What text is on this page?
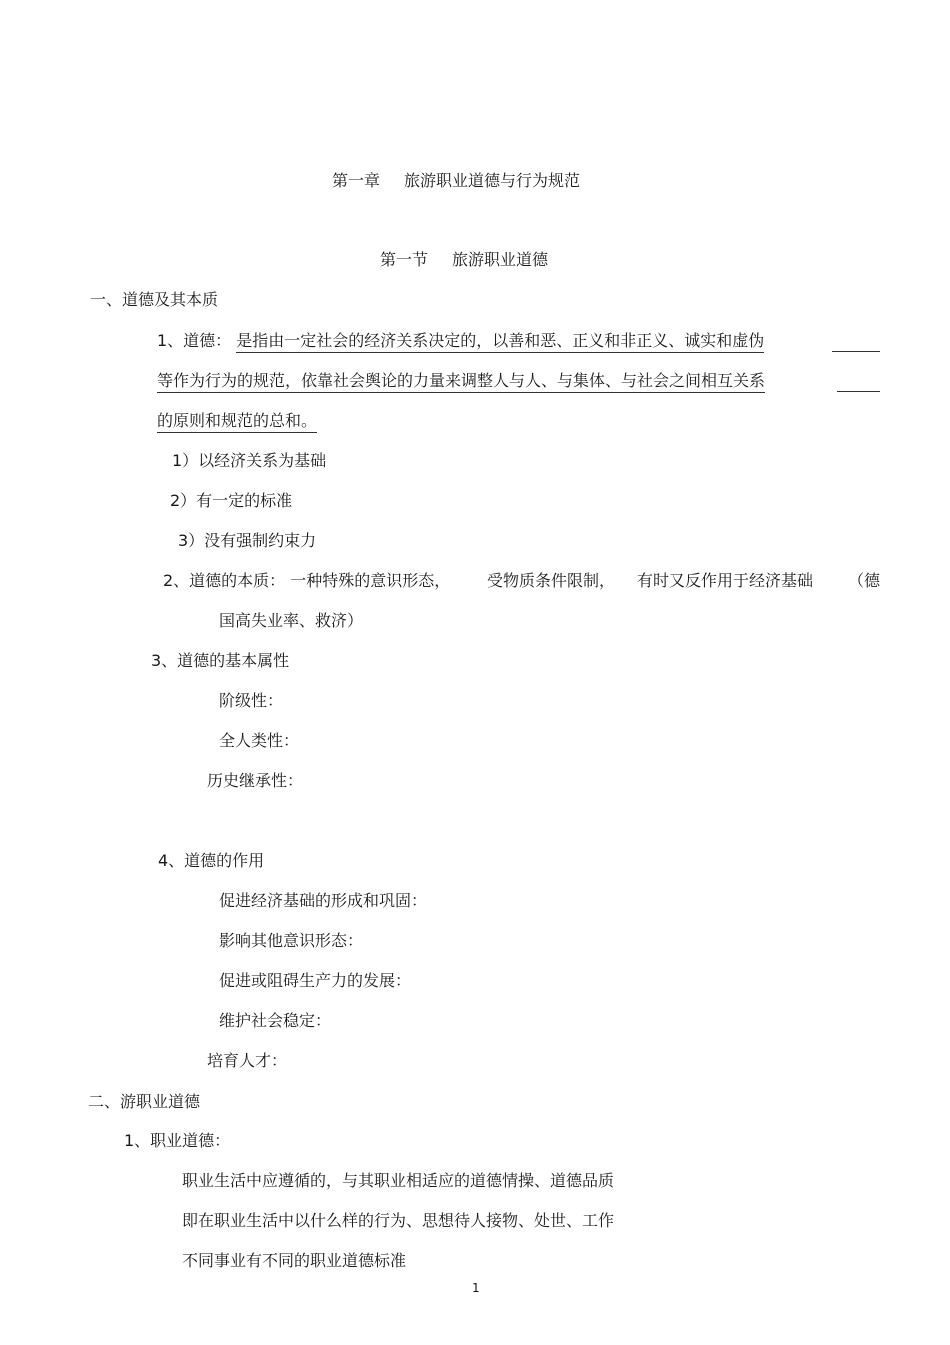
第一章 旅游职业道德与行为规范
第一节 旅游职业道德
一、道德及其本质
1、道德： 是指由一定社会的经济关系决定的，以善和恶、正义和非正义、诚实和虚伪
等作为行为的规范，依靠社会舆论的力量来调整人与人、与集体、与社会之间相互关系
的原则和规范的总和。
1）以经济关系为基础
2）有一定的标准
3）没有强制约束力
2、道德的本质： 一种特殊的意识形态， 受物质条件限制， 有时又反作用于经济基础 （德
国高失业率、救济）
3、道德的基本属性
阶级性：
全人类性：
历史继承性：
4、道德的作用
促进经济基础的形成和巩固：
影响其他意识形态：
促进或阻碍生产力的发展：
维护社会稳定：
培育人才：
二、游职业道德
1、职业道德：
职业生活中应遵循的，与其职业相适应的道德情操、道德品质
即在职业生活中以什么样的行为、思想待人接物、处世、工作
不同事业有不同的职业道德标准
1
